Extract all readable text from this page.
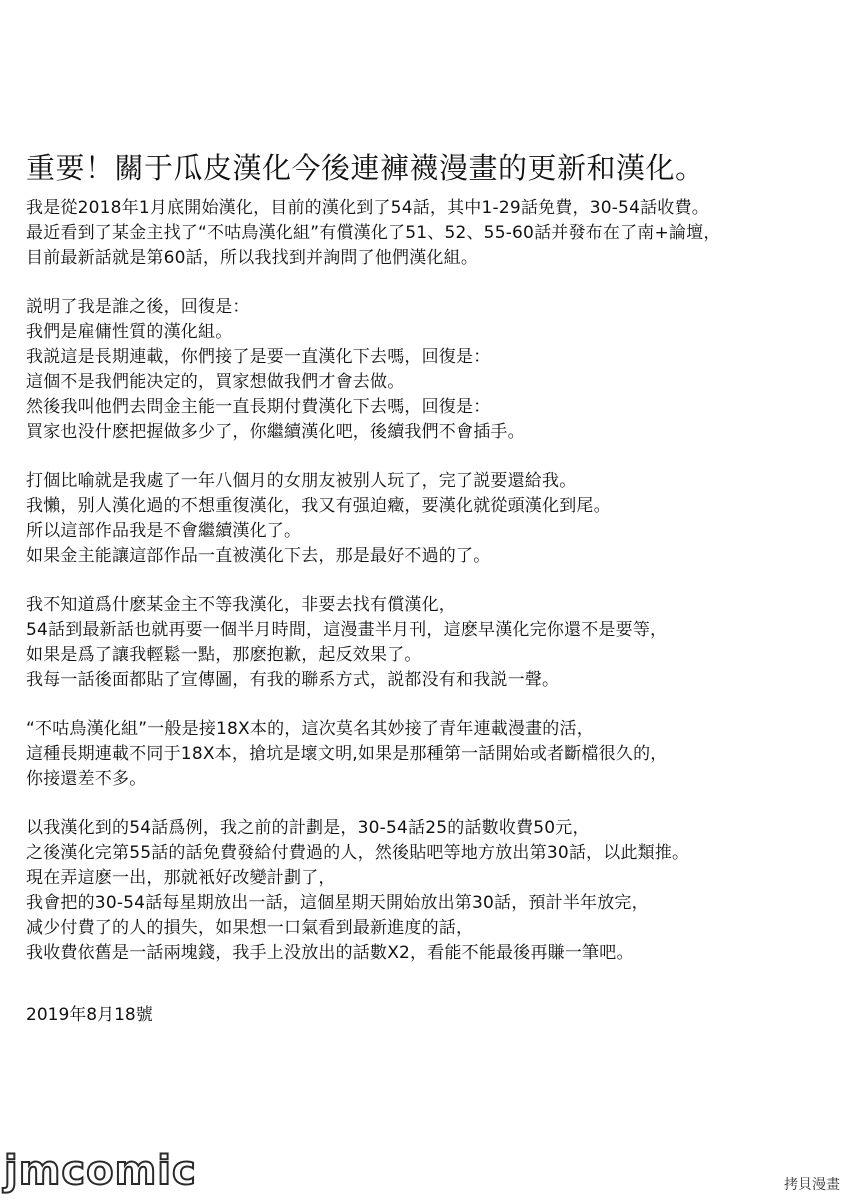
重要！關于瓜皮漢化今後連褲襪漫畫的更新和漢化。
我是從2018年1月底開始漢化，目前的漢化到了54話，其中1-29話免費，30-54話收費。
最近看到了某金主找了“不咕鳥漢化組”有償漢化了51、52、55-60話并發布在了南+論壇，
目前最新話就是第60話，所以我找到并詢問了他們漢化組。
説明了我是誰之後，回復是：
我們是雇傭性質的漢化組。
我説這是長期連載，你們接了是要一直漢化下去嗎，回復是：
這個不是我們能决定的，買家想做我們才會去做。
然後我叫他們去問金主能一直長期付費漢化下去嗎，回復是：
買家也没什麽把握做多少了，你繼續漢化吧，後續我們不會插手。
打個比喻就是我處了一年八個月的女朋友被别人玩了，完了説要還給我。
我懶，别人漢化過的不想重復漢化，我又有强迫癥，要漢化就從頭漢化到尾。
所以這部作品我是不會繼續漢化了。
如果金主能讓這部作品一直被漢化下去，那是最好不過的了。
我不知道爲什麽某金主不等我漢化，非要去找有償漢化，
54話到最新話也就再要一個半月時間，這漫畫半月刊，這麽早漢化完你還不是要等，
如果是爲了讓我輕鬆一點，那麽抱歉，起反效果了。
我每一話後面都貼了宣傳圖，有我的聯系方式，説都没有和我説一聲。
“不咕鳥漢化組”一般是接18X本的，這次莫名其妙接了青年連載漫畫的活，
這種長期連載不同于18X本，搶坑是壞文明,如果是那種第一話開始或者斷檔很久的，
你接還差不多。
以我漢化到的54話爲例，我之前的計劃是，30-54話25的話數收費50元，
之後漢化完第55話的話免費發給付費過的人，然後貼吧等地方放出第30話，以此類推。
現在弄這麽一出，那就衹好改變計劃了，
我會把的30-54話每星期放出一話，這個星期天開始放出第30話，預計半年放完，
减少付費了的人的損失，如果想一口氣看到最新進度的話，
我收費依舊是一話兩塊錢，我手上没放出的話數X2，看能不能最後再賺一筆吧。
2019年8月18號
jmcomic	拷貝漫畫
